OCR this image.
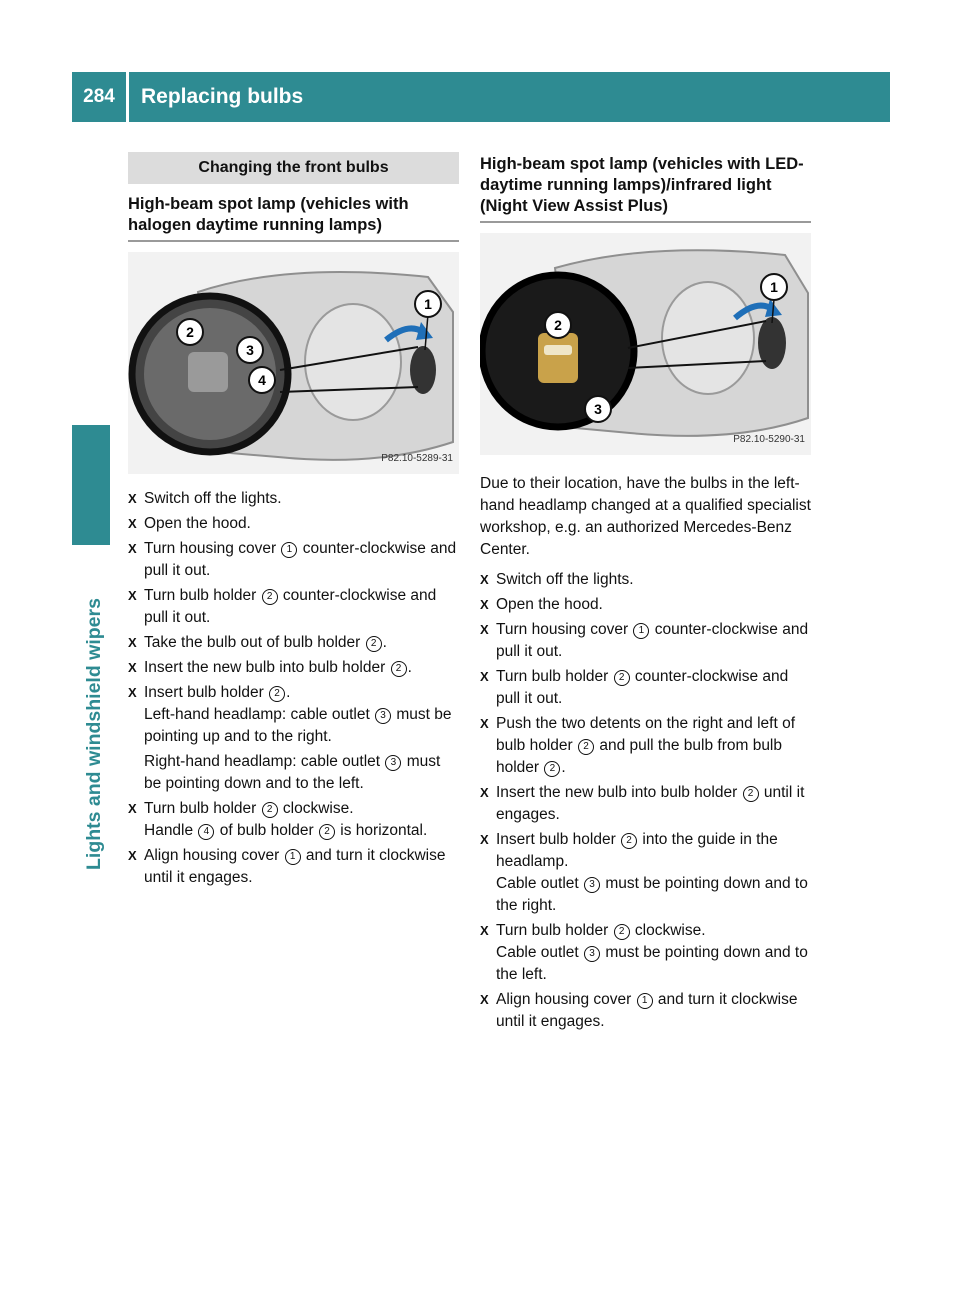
284	Replacing bulbs
Lights and windshield wipers
Changing the front bulbs
High-beam spot lamp (vehicles with halogen daytime running lamps)
1
2
3
4
P82.10-5289-31
X Switch off the lights.
X Open the hood.
X Turn housing cover 1 counter-clockwise and pull it out.
X Turn bulb holder 2 counter-clockwise and pull it out.
X Take the bulb out of bulb holder 2 .
X Insert the new bulb into bulb holder 2 .
X Insert bulb holder 2 .
Left-hand headlamp: cable outlet 3 must be pointing up and to the right.
Right-hand headlamp: cable outlet 3 must be pointing down and to the left.
X Turn bulb holder 2 clockwise.
Handle 4 of bulb holder 2 is horizontal.
X Align housing cover 1 and turn it clockwise until it engages.
High-beam spot lamp (vehicles with LED-daytime running lamps)/infrared light (Night View Assist Plus)
1
2
3
P82.10-5290-31

Due to their location, have the bulbs in the left-hand headlamp changed at a qualified specialist workshop, e.g. an authorized Mercedes-Benz Center.

X Switch off the lights.
X Open the hood.
X Turn housing cover 1 counter-clockwise and pull it out.
X Turn bulb holder 2 counter-clockwise and pull it out.
X Push the two detents on the right and left of bulb holder 2 and pull the bulb from bulb holder 2 .
X Insert the new bulb into bulb holder 2 until it engages.
X Insert bulb holder 2 into the guide in the headlamp.
Cable outlet 3 must be pointing down and to the right.
X Turn bulb holder 2 clockwise.
Cable outlet 3 must be pointing down and to the left.
X Align housing cover 1 and turn it clockwise until it engages.
